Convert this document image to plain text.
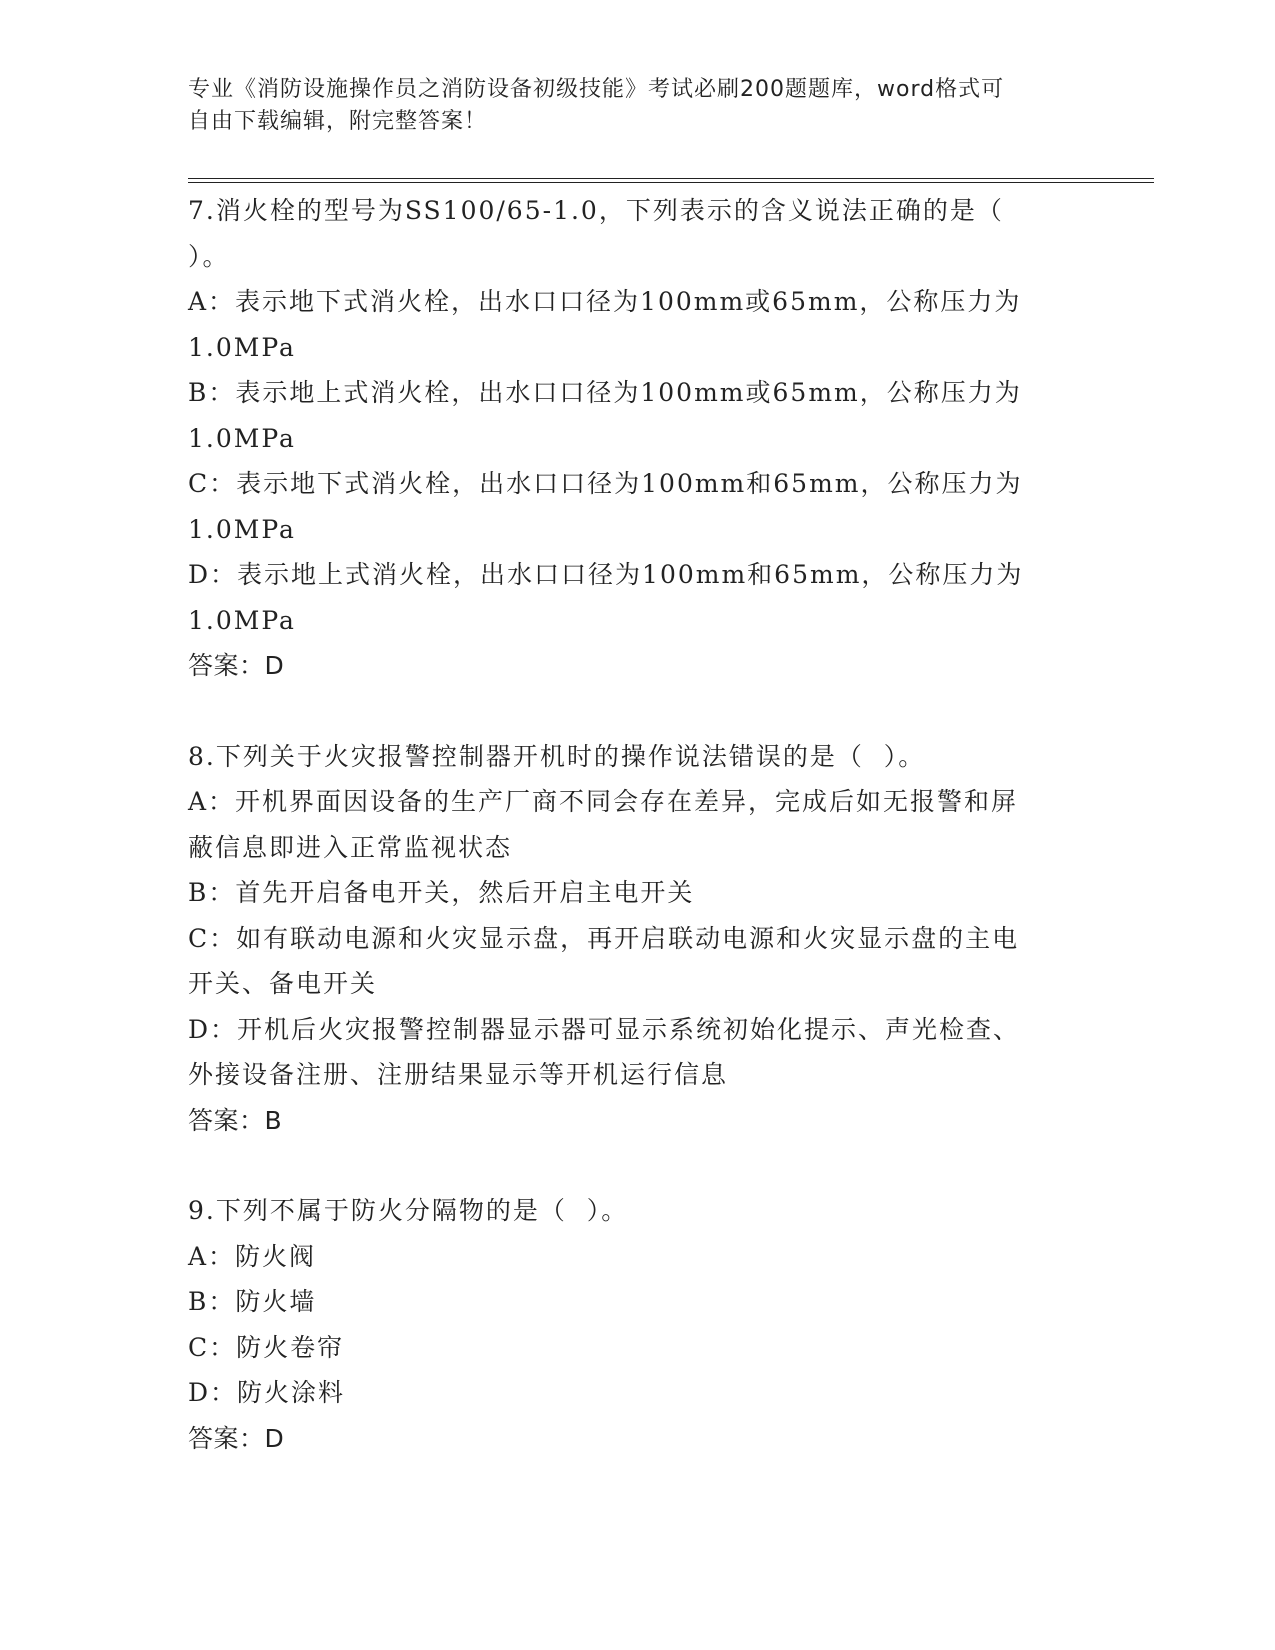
专业《消防设施操作员之消防设备初级技能》考试必刷200题题库，word格式可
自由下载编辑，附完整答案！
7.消火栓的型号为SS100/65-1.0，下列表示的含义说法正确的是（
）。
A：表示地下式消火栓，出水口口径为100mm或65mm，公称压力为
1.0MPa
B：表示地上式消火栓，出水口口径为100mm或65mm，公称压力为
1.0MPa
C：表示地下式消火栓，出水口口径为100mm和65mm，公称压力为
1.0MPa
D：表示地上式消火栓，出水口口径为100mm和65mm，公称压力为
1.0MPa
答案：D
8.下列关于火灾报警控制器开机时的操作说法错误的是（  ）。
A：开机界面因设备的生产厂商不同会存在差异，完成后如无报警和屏
蔽信息即进入正常监视状态
B：首先开启备电开关，然后开启主电开关
C：如有联动电源和火灾显示盘，再开启联动电源和火灾显示盘的主电
开关、备电开关
D：开机后火灾报警控制器显示器可显示系统初始化提示、声光检查、
外接设备注册、注册结果显示等开机运行信息
答案：B
9.下列不属于防火分隔物的是（  ）。
A：防火阀
B：防火墙
C：防火卷帘
D：防火涂料
答案：D
